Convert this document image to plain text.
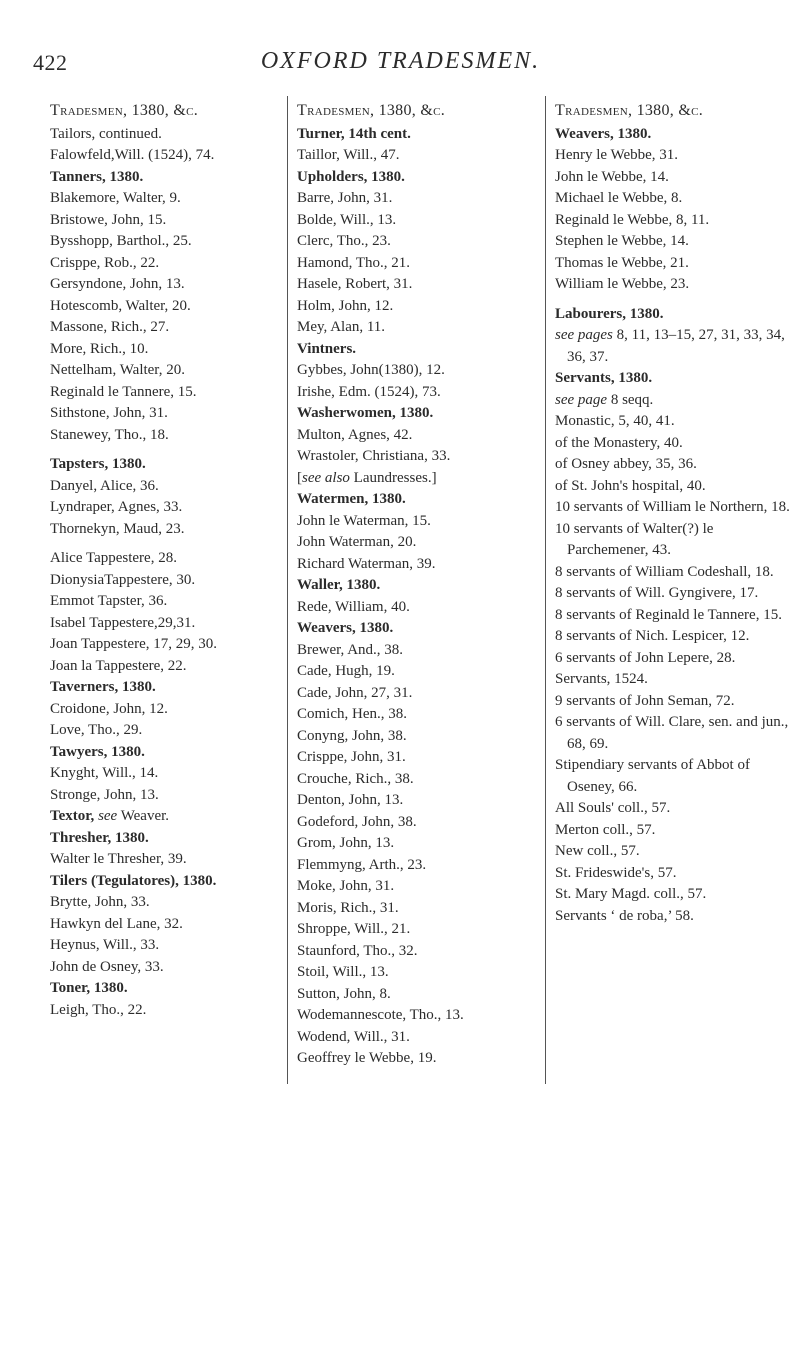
422	OXFORD TRADESMEN.
Tradesmen, 1380, &c.
Tailors, continued.
Falowfeld,Will. (1524), 74.
Tanners, 1380.
Blakemore, Walter, 9.
Bristowe, John, 15.
Bysshopp, Barthol., 25.
Crisppe, Rob., 22.
Gersyndone, John, 13.
Hotescomb, Walter, 20.
Massone, Rich., 27.
More, Rich., 10.
Nettelham, Walter, 20.
Reginald le Tannere, 15.
Sithstone, John, 31.
Stanewey, Tho., 18.
Tapsters, 1380.
Danyel, Alice, 36.
Lyndraper, Agnes, 33.
Thornekyn, Maud, 23.
Alice Tappestere, 28.
DionysiaTappestere, 30.
Emmot Tapster, 36.
Isabel Tappestere,29,31.
Joan Tappestere, 17, 29, 30.
Joan la Tappestere, 22.
Taverners, 1380.
Croidone, John, 12.
Love, Tho., 29.
Tawyers, 1380.
Knyght, Will., 14.
Stronge, John, 13.
Textor, see Weaver.
Thresher, 1380.
Walter le Thresher, 39.
Tilers (Tegulatores), 1380.
Brytte, John, 33.
Hawkyn del Lane, 32.
Heynus, Will., 33.
John de Osney, 33.
Toner, 1380.
Leigh, Tho., 22.
Tradesmen, 1380, &c.
Turner, 14th cent.
Taillor, Will., 47.
Upholders, 1380.
Barre, John, 31.
Bolde, Will., 13.
Clerc, Tho., 23.
Hamond, Tho., 21.
Hasele, Robert, 31.
Holm, John, 12.
Mey, Alan, 11.
Vintners.
Gybbes, John(1380), 12.
Irishe, Edm. (1524), 73.
Washerwomen, 1380.
Multon, Agnes, 42.
Wrastoler, Christiana, 33.
[see also Laundresses.]
Watermen, 1380.
John le Waterman, 15.
John Waterman, 20.
Richard Waterman, 39.
Waller, 1380.
Rede, William, 40.
Weavers, 1380.
Brewer, And., 38.
Cade, Hugh, 19.
Cade, John, 27, 31.
Comich, Hen., 38.
Conyng, John, 38.
Crisppe, John, 31.
Crouche, Rich., 38.
Denton, John, 13.
Godeford, John, 38.
Grom, John, 13.
Flemmyng, Arth., 23.
Moke, John, 31.
Moris, Rich., 31.
Shroppe, Will., 21.
Staunford, Tho., 32.
Stoil, Will., 13.
Sutton, John, 8.
Wodemannescote, Tho., 13.
Wodend, Will., 31.
Geoffrey le Webbe, 19.
Tradesmen, 1380, &c.
Weavers, 1380.
Henry le Webbe, 31.
John le Webbe, 14.
Michael le Webbe, 8.
Reginald le Webbe, 8, 11.
Stephen le Webbe, 14.
Thomas le Webbe, 21.
William le Webbe, 23.
Labourers, 1380.
see pages 8, 11, 13–15, 27, 31, 33, 34, 36, 37.
Servants, 1380.
see page 8 seqq.
Monastic, 5, 40, 41.
of the Monastery, 40.
of Osney abbey, 35, 36.
of St. John's hospital, 40.
10 servants of William le Northern, 18.
10 servants of Walter(?) le Parchemener, 43.
8 servants of William Codeshall, 18.
8 servants of Will. Gyngivere, 17.
8 servants of Reginald le Tannere, 15.
8 servants of Nich. Lespicer, 12.
6 servants of John Lepere, 28.
Servants, 1524.
9 servants of John Seman, 72.
6 servants of Will. Clare, sen. and jun., 68, 69.
Stipendiary servants of Abbot of Oseney, 66.
All Souls' coll., 57.
Merton coll., 57.
New coll., 57.
St. Frideswide's, 57.
St. Mary Magd. coll., 57.
Servants ‘ de roba,’ 58.
